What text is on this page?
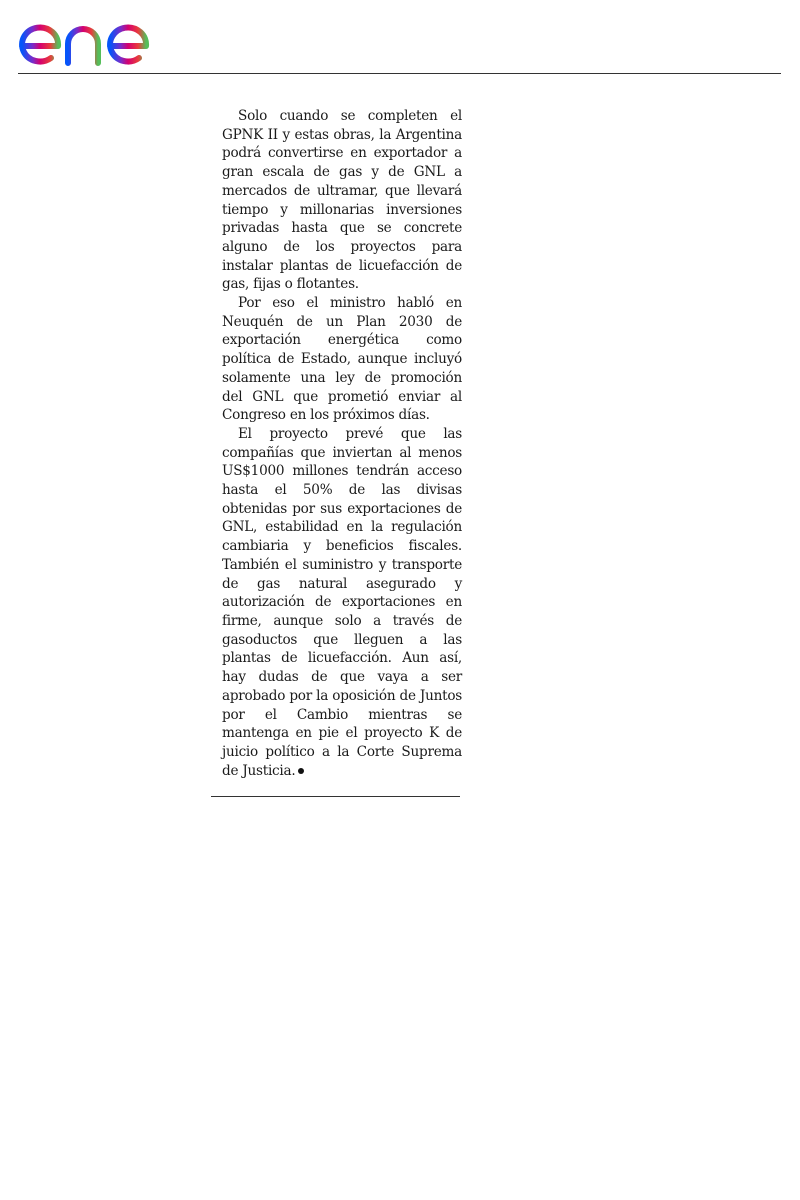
Solo cuando se completen el GPNK II y estas obras, la Argentina podrá convertirse en exportador a gran escala de gas y de GNL a mercados de ultramar, que llevará tiempo y millonarias inversiones privadas hasta que se concrete alguno de los proyectos para instalar plantas de licuefacción de gas, fijas o flotantes.

Por eso el ministro habló en Neuquén de un Plan 2030 de exportación energética como política de Estado, aunque incluyó solamente una ley de promoción del GNL que prometió enviar al Congreso en los próximos días.

El proyecto prevé que las compañías que inviertan al menos US$1000 millones tendrán acceso hasta el 50% de las divisas obtenidas por sus exportaciones de GNL, estabilidad en la regulación cambiaria y beneficios fiscales. También el suministro y transporte de gas natural asegurado y autorización de exportaciones en firme, aunque solo a través de gasoductos que lleguen a las plantas de licuefacción. Aun así, hay dudas de que vaya a ser aprobado por la oposición de Juntos por el Cambio mientras se mantenga en pie el proyecto K de juicio político a la Corte Suprema de Justicia.
